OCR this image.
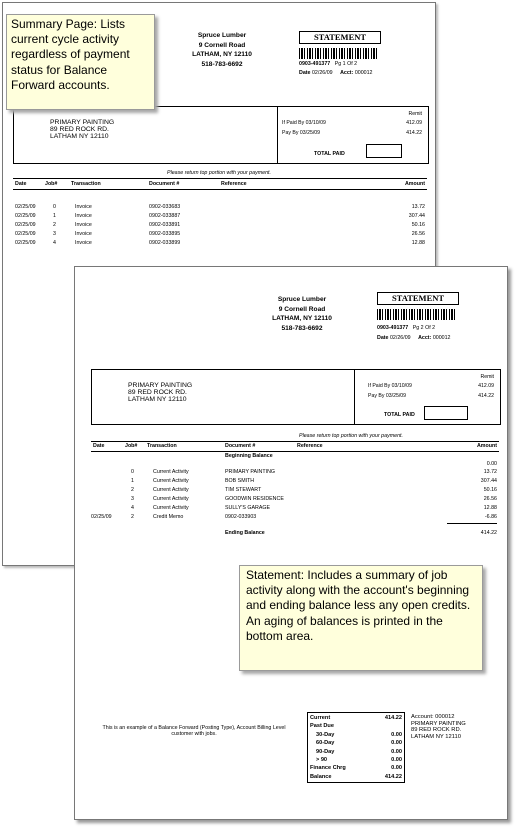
Spruce Lumber
9 Cornell Road
LATHAM, NY 12110
518-783-6692
STATEMENT
0903-491377 Pg 1 Of 2
Date 02/26/09 Acct: 000012
PRIMARY PAINTING
89 RED ROCK RD.
LATHAM NY 12110
Remit
If Paid By 03/10/09	412.09
Pay By 03/25/09	414.22
TOTAL PAID
Please return top portion with your payment.
Date	Job#	Transaction	Document #	Reference	Amount
02/25/09	0	Invoice	0902-033683	13.72
02/25/09	1	Invoice	0902-033887	307.44
02/25/09	2	Invoice	0902-033891	50.16
02/25/09	3	Invoice	0902-033895	26.56
02/25/09	4	Invoice	0902-033899	12.88
Summary Page: Lists current cycle activity regardless of payment status for Balance Forward accounts.
Spruce Lumber
9 Cornell Road
LATHAM, NY 12110
518-783-6692
STATEMENT
0903-491377 Pg 2 Of 2
Date 02/26/09 Acct: 000012
PRIMARY PAINTING
89 RED ROCK RD.
LATHAM NY 12110
Remit
If Paid By 03/10/09	412.09
Pay By 03/25/09	414.22
TOTAL PAID
Please return top portion with your payment.
Date	Job# Transaction	Document #	Reference	Amount
Beginning Balance
0.00
0	Current Activity	PRIMARY PAINTING	13.72
1	Current Activity	BOB SMITH	307.44
2	Current Activity	TIM STEWART	50.16
3	Current Activity	GOODWIN RESIDENCE	26.56
4	Current Activity	SULLY'S GARAGE	12.88
02/25/09	2	Credit Memo	0902-033903	-6.86
Ending Balance	414.22
This is an example of a Balance Forward (Posting Type), Account Billing Level customer with jobs.
Current	414.22
Past Due	
30-Day	0.00
60-Day	0.00
90-Day	0.00
> 90	0.00
Finance Chrg	0.00
Balance	414.22
Account: 000012
PRIMARY PAINTING
89 RED ROCK RD.
LATHAM NY 12110
Statement: Includes a summary of job activity along with the account's beginning and ending balance less any open credits. An aging of balances is printed in the bottom area.
